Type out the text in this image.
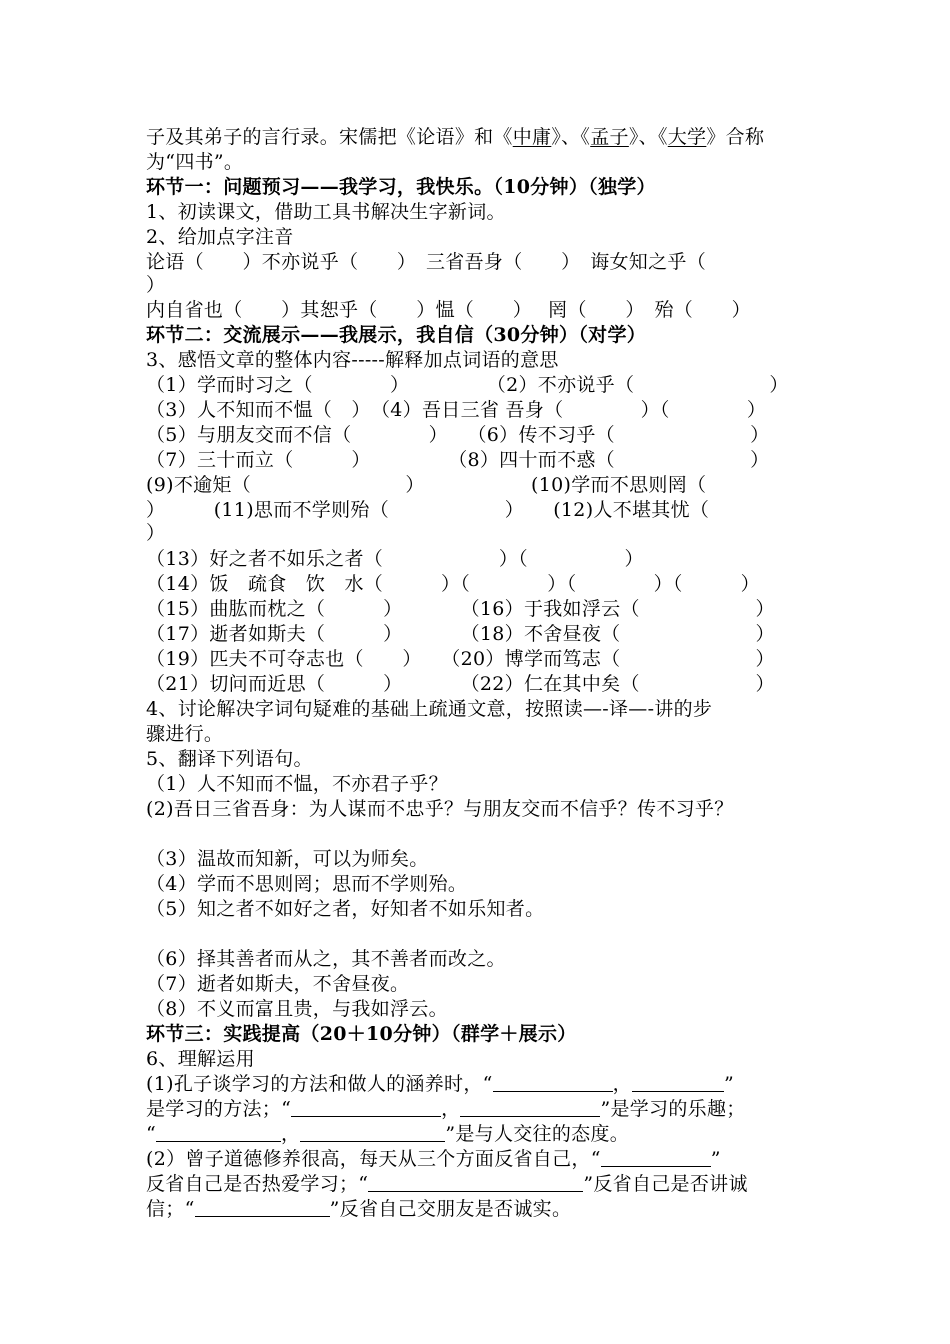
子及其弟子的言行录。宋儒把《论语》和《中庸》、《孟子》、《大学》合称
为“四书”。
环节一：问题预习——我学习，我快乐。（10分钟）（独学）
1、初读课文，借助工具书解决生字新词。
2、给加点字注音
论语（　　）不亦说乎（　　）　三省吾身（　　）　诲女知之乎（
）
内自省也（　　）其恕乎（　　）愠（　　）　 罔（　　）　殆（　　）
环节二：交流展示——我展示，我自信（30分钟）（对学）
3、感悟文章的整体内容-----解释加点词语的意思
（1）学而时习之（　　　　）　　　　　（2）不亦说乎（　　　　　　　）
（3）人不知而不愠（　）　（4）吾日三省 吾身（　　　　）（　　　　）
（5）与朋友交而不信（　　　　）　　（6）传不习乎（　　　　　　　）
（7）三十而立（　　　）　　　　　（8）四十而不惑（　　　　　　　）
(9)不逾矩（　　　　　　　　）　　　　　　(10)学而不思则罔（
）　　　(11)思而不学则殆（　　　　　　）　　(12)人不堪其忧（
）
（13）好之者不如乐之者（　　　　　　）（　　　　　）
（14）饭　疏食　饮　水（　　　）（　　　　）（　　　　）（　　　）
（15）曲肱而枕之（　　　）　　　　（16）于我如浮云（　　　　　　）
（17）逝者如斯夫（　　　）　　　　（18）不舍昼夜（　　　　　　　）
（19）匹夫不可夺志也（　　）　　（20）博学而笃志（　　　　　　　）
（21）切问而近思（　　　）　　　　（22）仁在其中矣（　　　　　　）
4、讨论解决字词句疑难的基础上疏通文意，按照读—-译—-讲的步
骤进行。
5、翻译下列语句。
（1）人不知而不愠，不亦君子乎？
(2)吾日三省吾身：为人谋而不忠乎？与朋友交而不信乎？传不习乎？
（3）温故而知新，可以为师矣。
（4）学而不思则罔；思而不学则殆。
（5）知之者不如好之者，好知者不如乐知者。
（6）择其善者而从之，其不善者而改之。
（7）逝者如斯夫，不舍昼夜。
（8）不义而富且贵，与我如浮云。
环节三：实践提高（20＋10分钟）（群学＋展示）
6、理解运用
(1)孔子谈学习的方法和做人的涵养时，“	，	”
是学习的方法；“	，	”是学习的乐趣；
“	，	”是与人交往的态度。
(2）曾子道德修养很高，每天从三个方面反省自己，“	”
反省自己是否热爱学习；“	”反省自己是否讲诚
信；“	”反省自己交朋友是否诚实。
